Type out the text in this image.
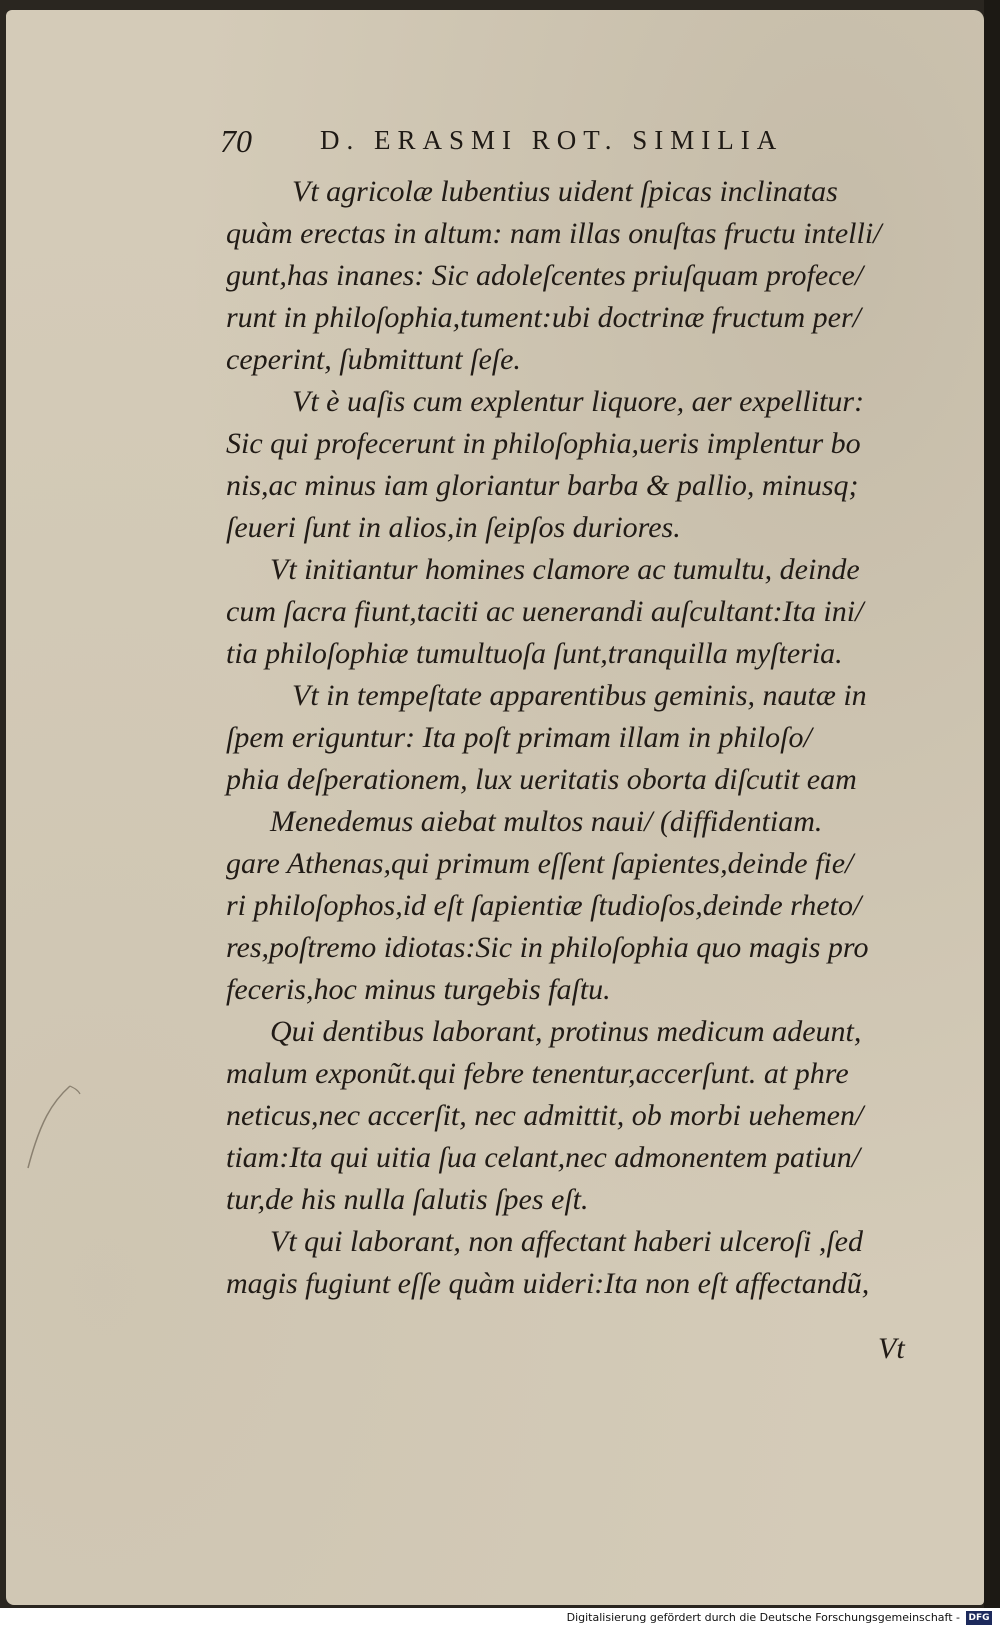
70	D. ERASMI ROT. SIMILIA
Vt agricolæ lubentius uident ſpicas inclinatas
quàm erectas in altum: nam illas onuſtas fructu intelli/
gunt,has inanes: Sic adoleſcentes priuſquam profece/
runt in philoſophia,tument:ubi doctrinæ fructum per/
ceperint, ſubmittunt ſeſe.
Vt è uaſis cum explentur liquore, aer expellitur:
Sic qui profecerunt in philoſophia,ueris implentur bo
nis,ac minus iam gloriantur barba & pallio, minusq;
ſeueri ſunt in alios,in ſeipſos duriores.
Vt initiantur homines clamore ac tumultu, deinde
cum ſacra fiunt,taciti ac uenerandi auſcultant:Ita ini/
tia philoſophiæ tumultuoſa ſunt,tranquilla myſteria.
Vt in tempeſtate apparentibus geminis, nautæ in
ſpem eriguntur: Ita poſt primam illam in philoſo/
phia deſperationem, lux ueritatis oborta diſcutit eam
Menedemus aiebat multos naui/ (diffidentiam.
gare Athenas,qui primum eſſent ſapientes,deinde fie/
ri philoſophos,id eſt ſapientiæ ſtudioſos,deinde rheto/
res,poſtremo idiotas:Sic in philoſophia quo magis pro
feceris,hoc minus turgebis faſtu.
Qui dentibus laborant, protinus medicum adeunt,
malum exponũt.qui febre tenentur,accerſunt. at phre
neticus,nec accerſit, nec admittit, ob morbi uehemen/
tiam:Ita qui uitia ſua celant,nec admonentem patiun/
tur,de his nulla ſalutis ſpes eſt.
Vt qui laborant, non affectant haberi ulceroſi ,ſed
magis fugiunt eſſe quàm uideri:Ita non eſt affectandũ,
Vt
Digitalisierung gefördert durch die Deutsche Forschungsgemeinschaft - DFG
